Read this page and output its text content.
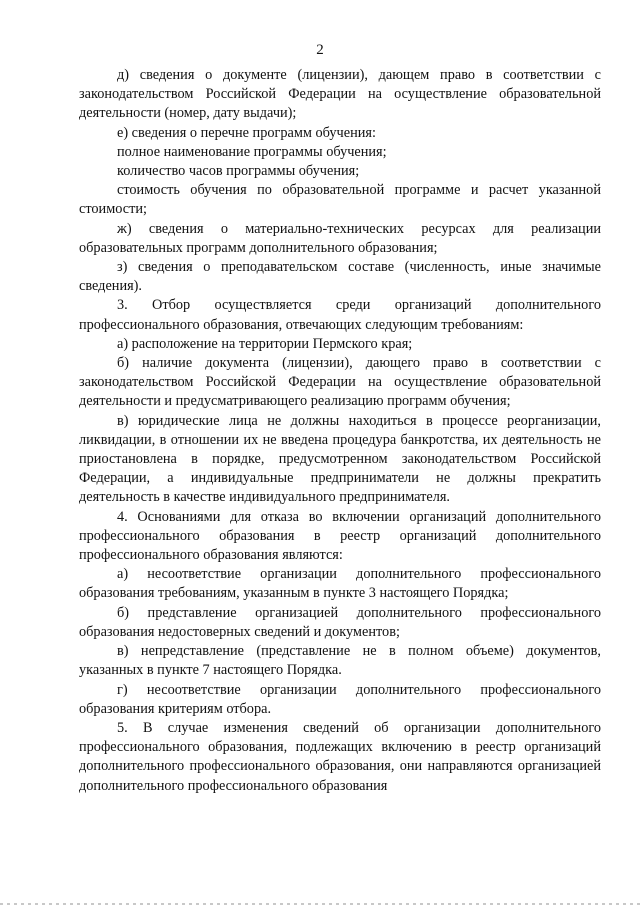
2

д) сведения о документе (лицензии), дающем право в соответствии с законодательством Российской Федерации на осуществление образовательной деятельности (номер, дату выдачи);

е) сведения о перечне программ обучения:

полное наименование программы обучения;

количество часов программы обучения;

стоимость обучения по образовательной программе и расчет указанной стоимости;

ж) сведения о материально-технических ресурсах для реализации образовательных программ дополнительного образования;

з) сведения о преподавательском составе (численность, иные значимые сведения).

3. Отбор осуществляется среди организаций дополнительного профессионального образования, отвечающих следующим требованиям:

а) расположение на территории Пермского края;

б) наличие документа (лицензии), дающего право в соответствии с законодательством Российской Федерации на осуществление образовательной деятельности и предусматривающего реализацию программ обучения;

в) юридические лица не должны находиться в процессе реорганизации, ликвидации, в отношении их не введена процедура банкротства, их деятельность не приостановлена в порядке, предусмотренном законодательством Российской Федерации, а индивидуальные предприниматели не должны прекратить деятельность в качестве индивидуального предпринимателя.

4. Основаниями для отказа во включении организаций дополнительного профессионального образования в реестр организаций дополнительного профессионального образования являются:

а) несоответствие организации дополнительного профессионального образования требованиям, указанным в пункте 3 настоящего Порядка;

б) представление организацией дополнительного профессионального образования недостоверных сведений и документов;

в) непредставление (представление не в полном объеме) документов, указанных в пункте 7 настоящего Порядка.

г) несоответствие организации дополнительного профессионального образования критериям отбора.

5. В случае изменения сведений об организации дополнительного профессионального образования, подлежащих включению в реестр организаций дополнительного профессионального образования, они направляются организацией дополнительного профессионального образования
